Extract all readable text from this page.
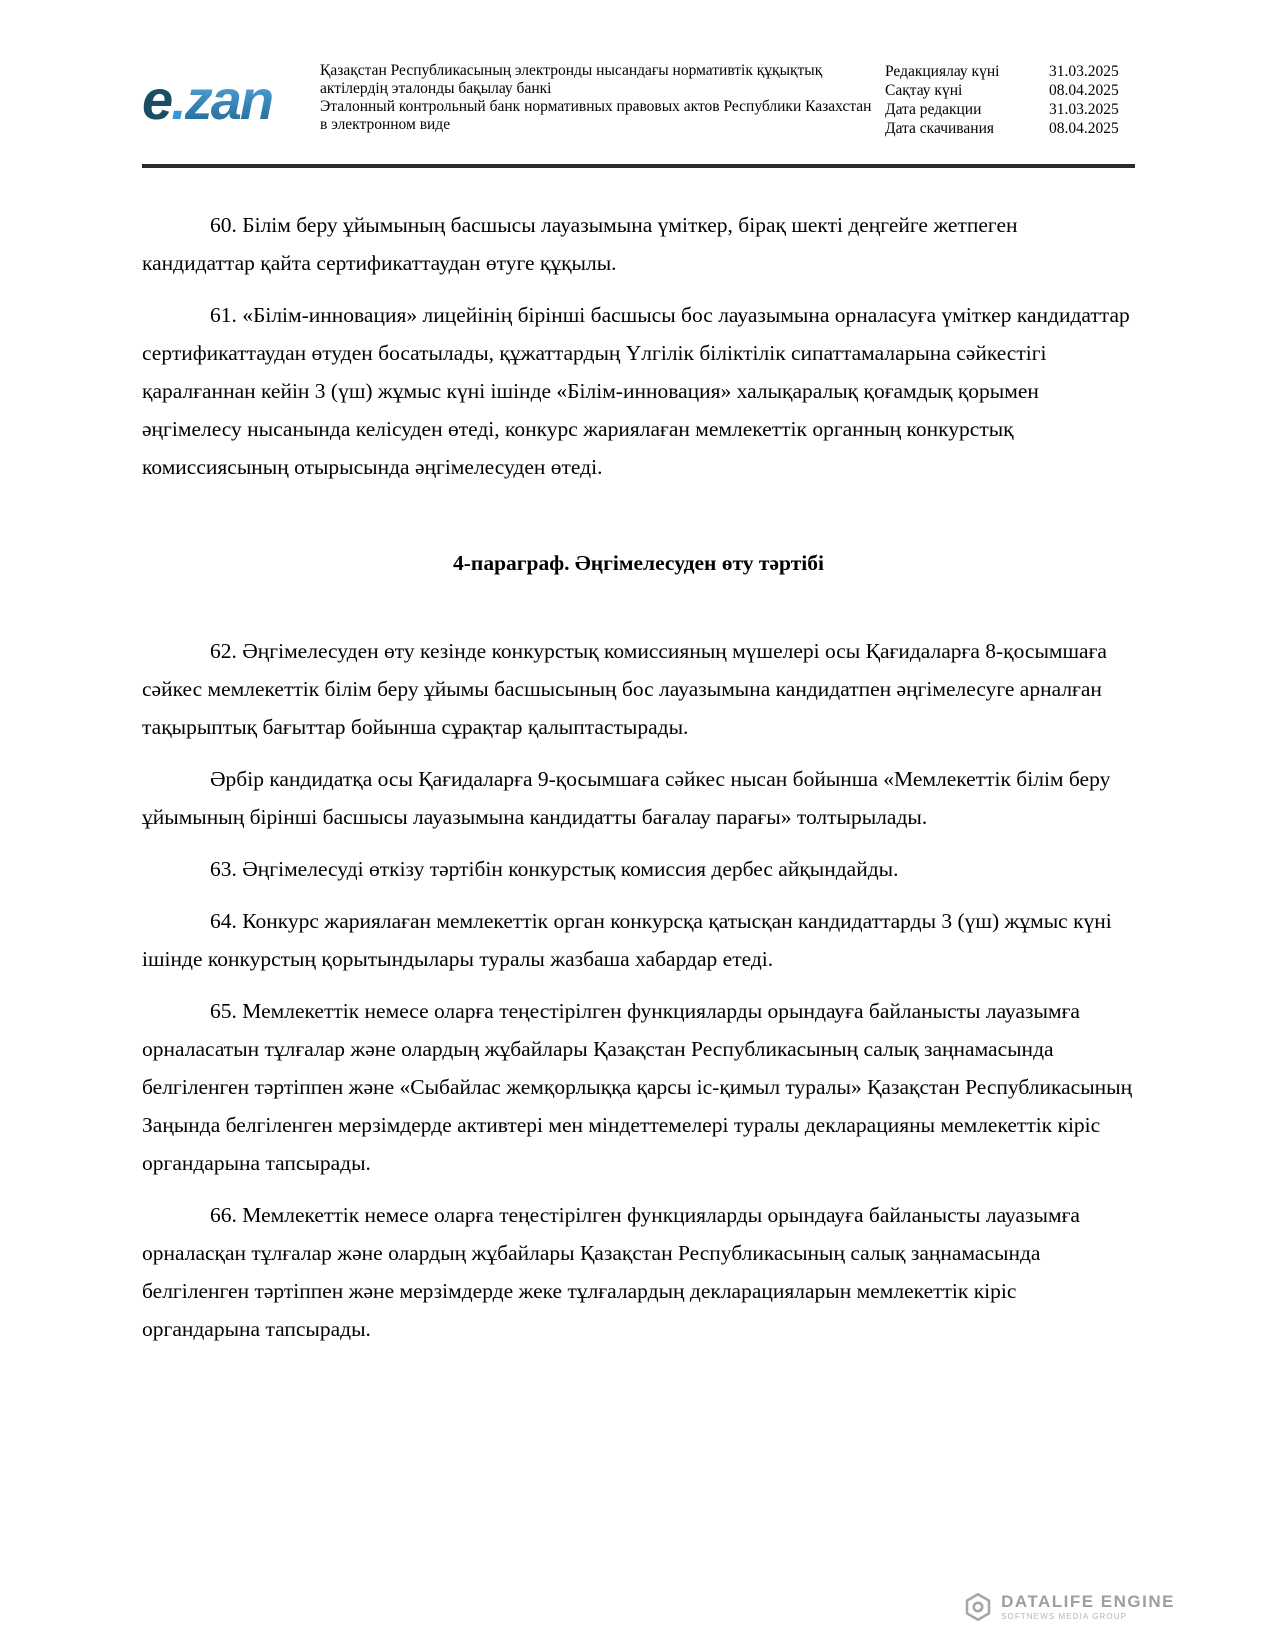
e.zan	Қазақстан Республикасының электронды нысандағы нормативтік құқықтық актілердің эталонды бақылау банкі
Эталонный контрольный банк нормативных правовых актов Республики Казахстан в электронном виде
Редакциялау күні	31.03.2025
Сақтау күні	08.04.2025
Дата редакции	31.03.2025
Дата скачивания	08.04.2025

60. Білім беру ұйымының басшысы лауазымына үміткер, бірақ шекті деңгейге жетпеген кандидаттар қайта сертификаттаудан өтуге құқылы.

61. «Білім-инновация» лицейінің бірінші басшысы бос лауазымына орналасуға үміткер кандидаттар сертификаттаудан өтуден босатылады, құжаттардың Үлгілік біліктілік сипаттамаларына сәйкестігі қаралғаннан кейін 3 (үш) жұмыс күні ішінде «Білім-инновация» халықаралық қоғамдық қорымен әңгімелесу нысанында келісуден өтеді, конкурс жариялаған мемлекеттік органның конкурстық комиссиясының отырысында әңгімелесуден өтеді.

4-параграф. Әңгімелесуден өту тәртібі

62. Әңгімелесуден өту кезінде конкурстық комиссияның мүшелері осы Қағидаларға 8-қосымшаға сәйкес мемлекеттік білім беру ұйымы басшысының бос лауазымына кандидатпен әңгімелесуге арналған тақырыптық бағыттар бойынша сұрақтар қалыптастырады.

Әрбір кандидатқа осы Қағидаларға 9-қосымшаға сәйкес нысан бойынша «Мемлекеттік білім беру ұйымының бірінші басшысы лауазымына кандидатты бағалау парағы» толтырылады.

63. Әңгімелесуді өткізу тәртібін конкурстық комиссия дербес айқындайды.

64. Конкурс жариялаған мемлекеттік орган конкурсқа қатысқан кандидаттарды 3 (үш) жұмыс күні ішінде конкурстың қорытындылары туралы жазбаша хабардар етеді.

65. Мемлекеттік немесе оларға теңестірілген функцияларды орындауға байланысты лауазымға орналасатын тұлғалар және олардың жұбайлары Қазақстан Республикасының салық заңнамасында белгіленген тәртіппен және «Сыбайлас жемқорлыққа қарсы іс-қимыл туралы» Қазақстан Республикасының Заңында белгіленген мерзімдерде активтері мен міндеттемелері туралы декларацияны мемлекеттік кіріс органдарына тапсырады.

66. Мемлекеттік немесе оларға теңестірілген функцияларды орындауға байланысты лауазымға орналасқан тұлғалар және олардың жұбайлары Қазақстан Республикасының салық заңнамасында белгіленген тәртіппен және мерзімдерде жеке тұлғалардың декларацияларын мемлекеттік кіріс органдарына тапсырады.

DATALIFE ENGINE
SOFTNEWS MEDIA GROUP
